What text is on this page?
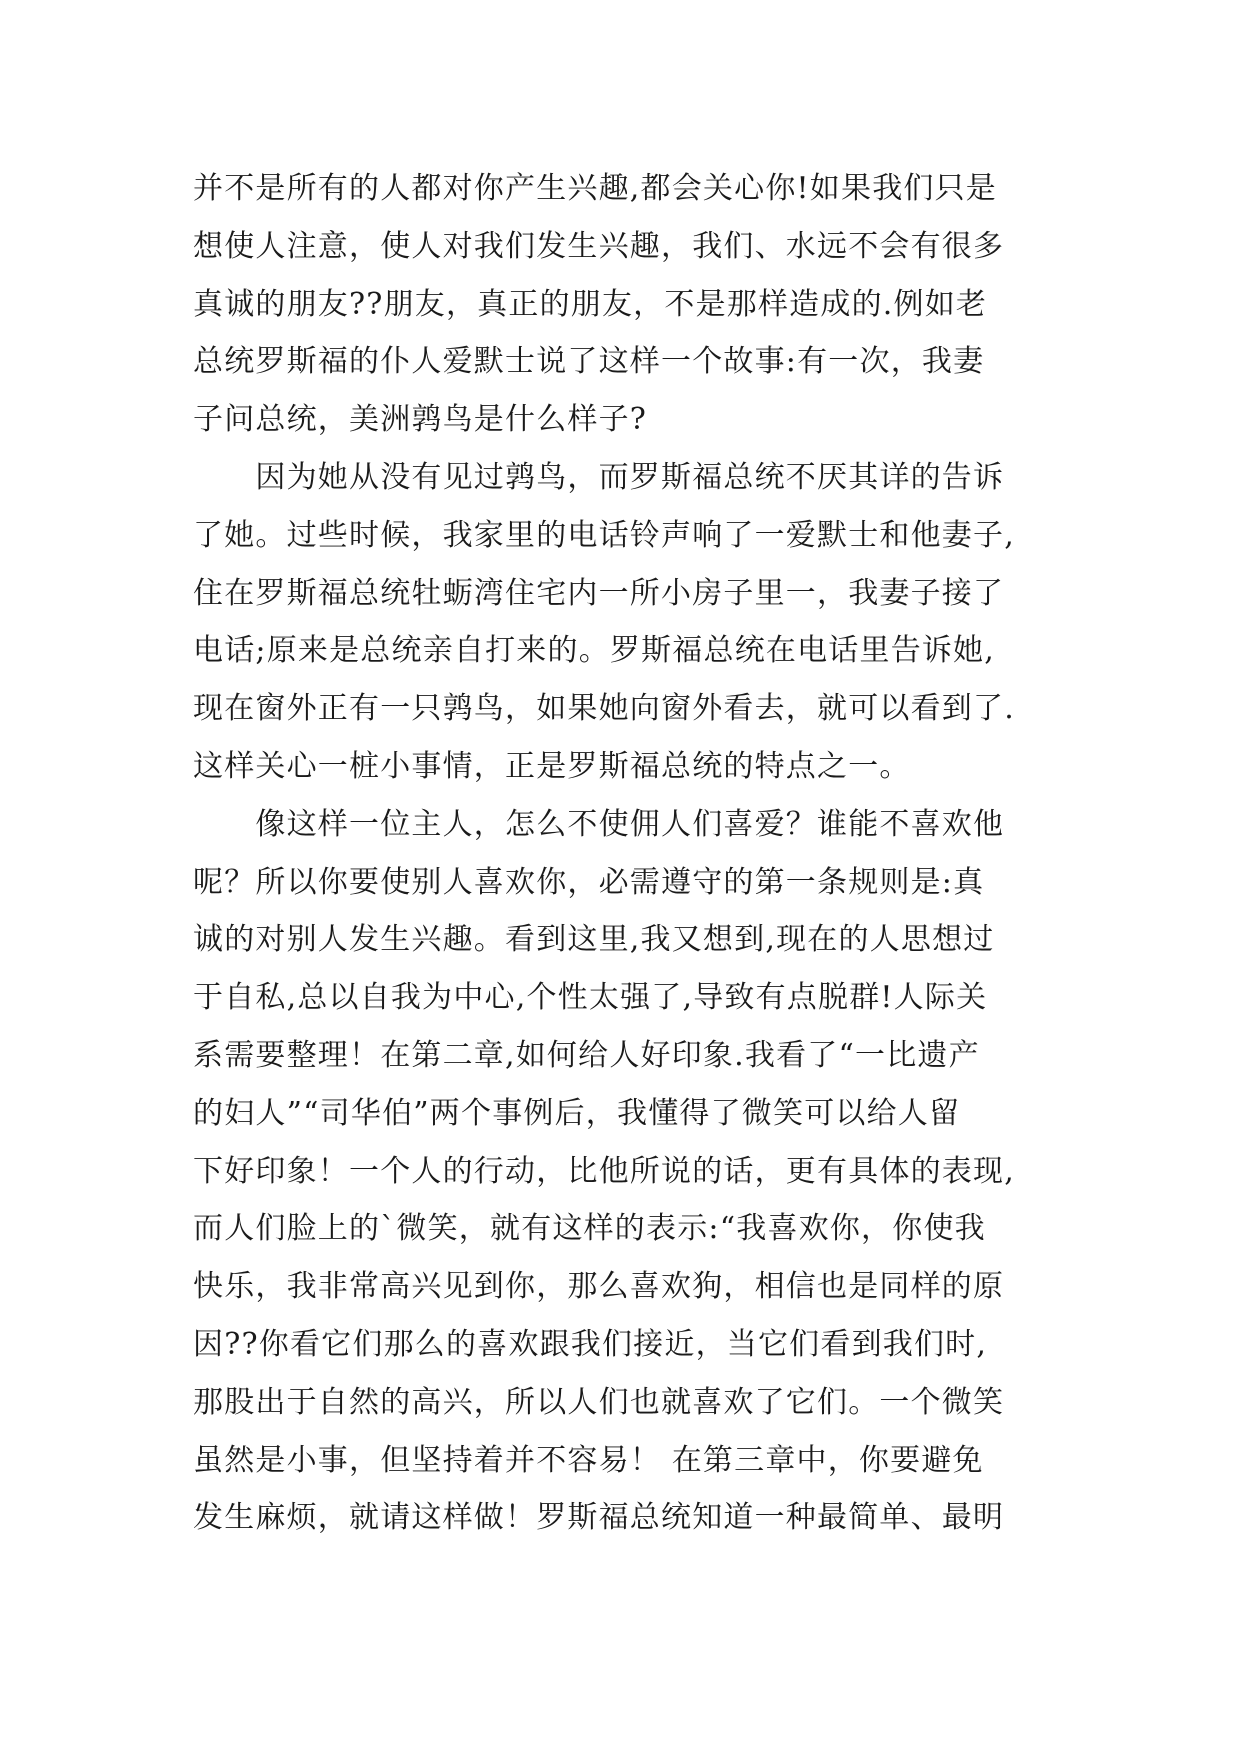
并不是所有的人都对你产生兴趣,都会关心你!如果我们只是
想使人注意，使人对我们发生兴趣，我们、水远不会有很多
真诚的朋友??朋友，真正的朋友，不是那样造成的.例如老
总统罗斯福的仆人爱默士说了这样一个故事:有一次，我妻
子问总统，美洲鹑鸟是什么样子?
　　因为她从没有见过鹑鸟，而罗斯福总统不厌其详的告诉
了她。过些时候，我家里的电话铃声响了一爱默士和他妻子,
住在罗斯福总统牡蛎湾住宅内一所小房子里一，我妻子接了
电话;原来是总统亲自打来的。罗斯福总统在电话里告诉她,
现在窗外正有一只鹑鸟，如果她向窗外看去，就可以看到了.
这样关心一桩小事情，正是罗斯福总统的特点之一。
　　像这样一位主人，怎么不使佣人们喜爱？谁能不喜欢他
呢？所以你要使别人喜欢你，必需遵守的第一条规则是:真
诚的对别人发生兴趣。看到这里,我又想到,现在的人思想过
于自私,总以自我为中心,个性太强了,导致有点脱群!人际关
系需要整理！在第二章,如何给人好印象.我看了“一比遗产
的妇人”“司华伯”两个事例后，我懂得了微笑可以给人留
下好印象！一个人的行动，比他所说的话，更有具体的表现,
而人们脸上的`微笑，就有这样的表示:“我喜欢你，你使我
快乐，我非常高兴见到你，那么喜欢狗，相信也是同样的原
因??你看它们那么的喜欢跟我们接近，当它们看到我们时,
那股出于自然的高兴，所以人们也就喜欢了它们。一个微笑
虽然是小事，但坚持着并不容易！ 在第三章中，你要避免
发生麻烦，就请这样做！罗斯福总统知道一种最简单、最明
